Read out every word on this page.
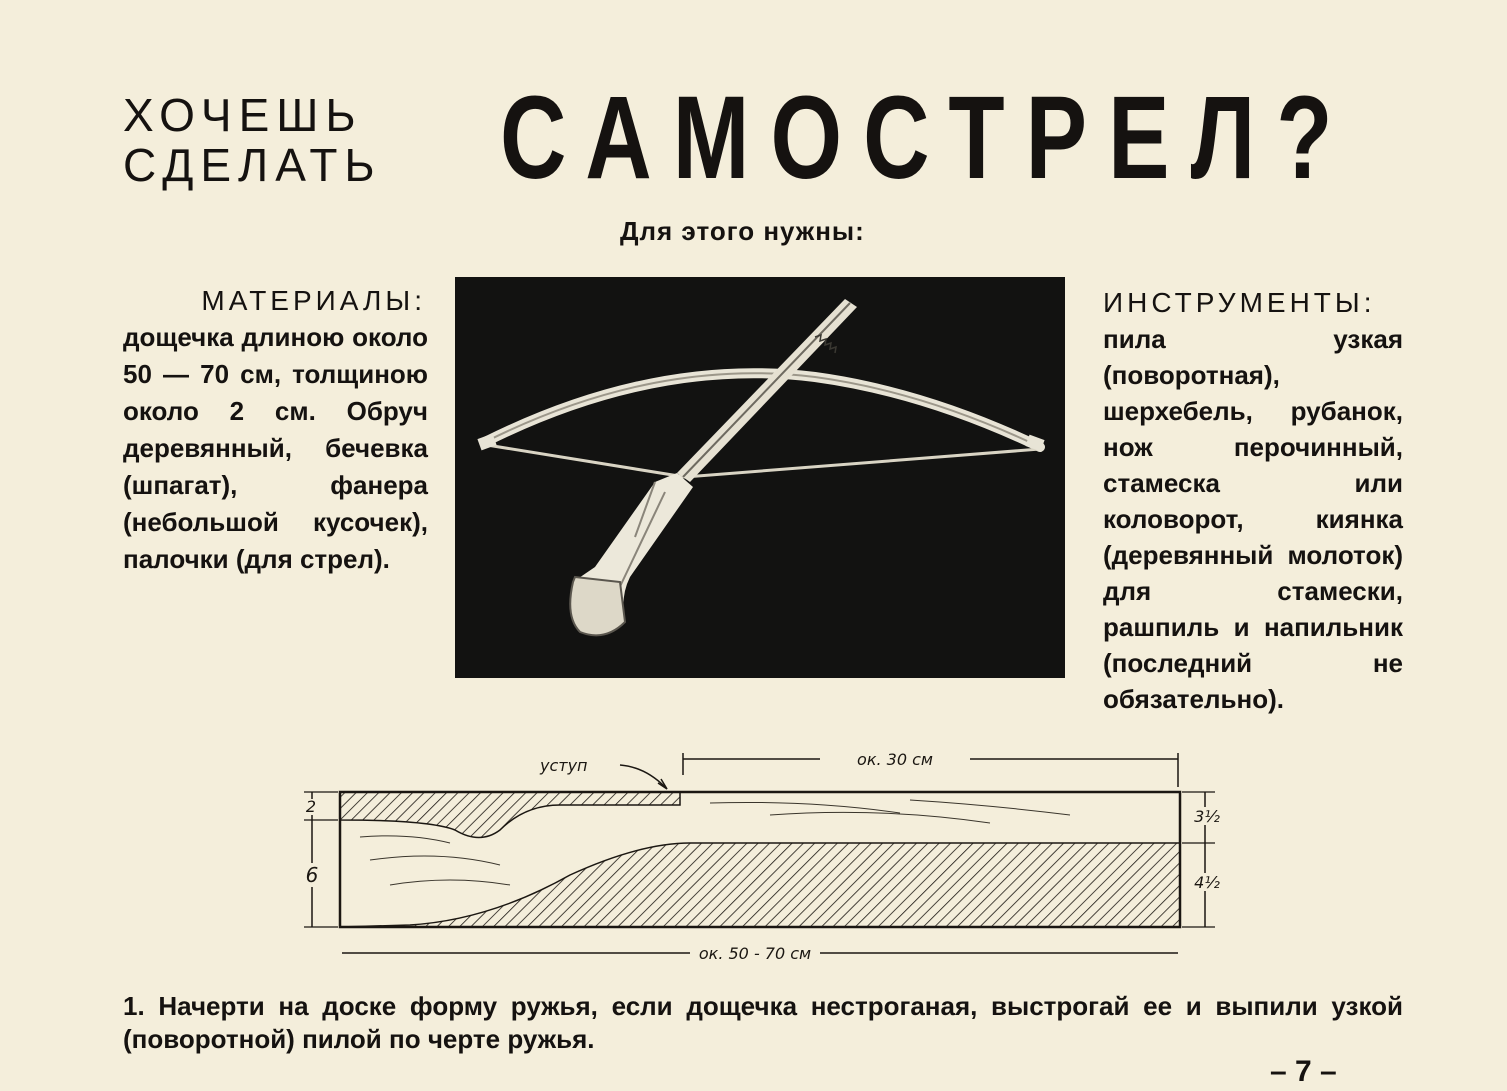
ХОЧЕШЬ
СДЕЛАТЬ	САМОСТРЕЛ?
Для этого нужны:
МАТЕРИАЛЫ:
дощечка длиною около 50 — 70 см, толщиною около 2 см. Обруч деревянный, бечевка (шпагат), фанера (небольшой кусочек), палочки (для стрел).
ИНСТРУМЕНТЫ:
пила узкая (поворотная), шерхебель, рубанок, нож перочинный, стамеска или коловорот, киянка (деревянный молоток) для стамески, рашпиль и напильник (последний не обязательно).
ок. 30 см
уступ
ок. 50 - 70 см
2
6
3½
4½
1. Начерти на доске форму ружья, если дощечка нестроганая, выстрогай ее и выпили узкой (поворотной) пилой по черте ружья.
– 7 –
